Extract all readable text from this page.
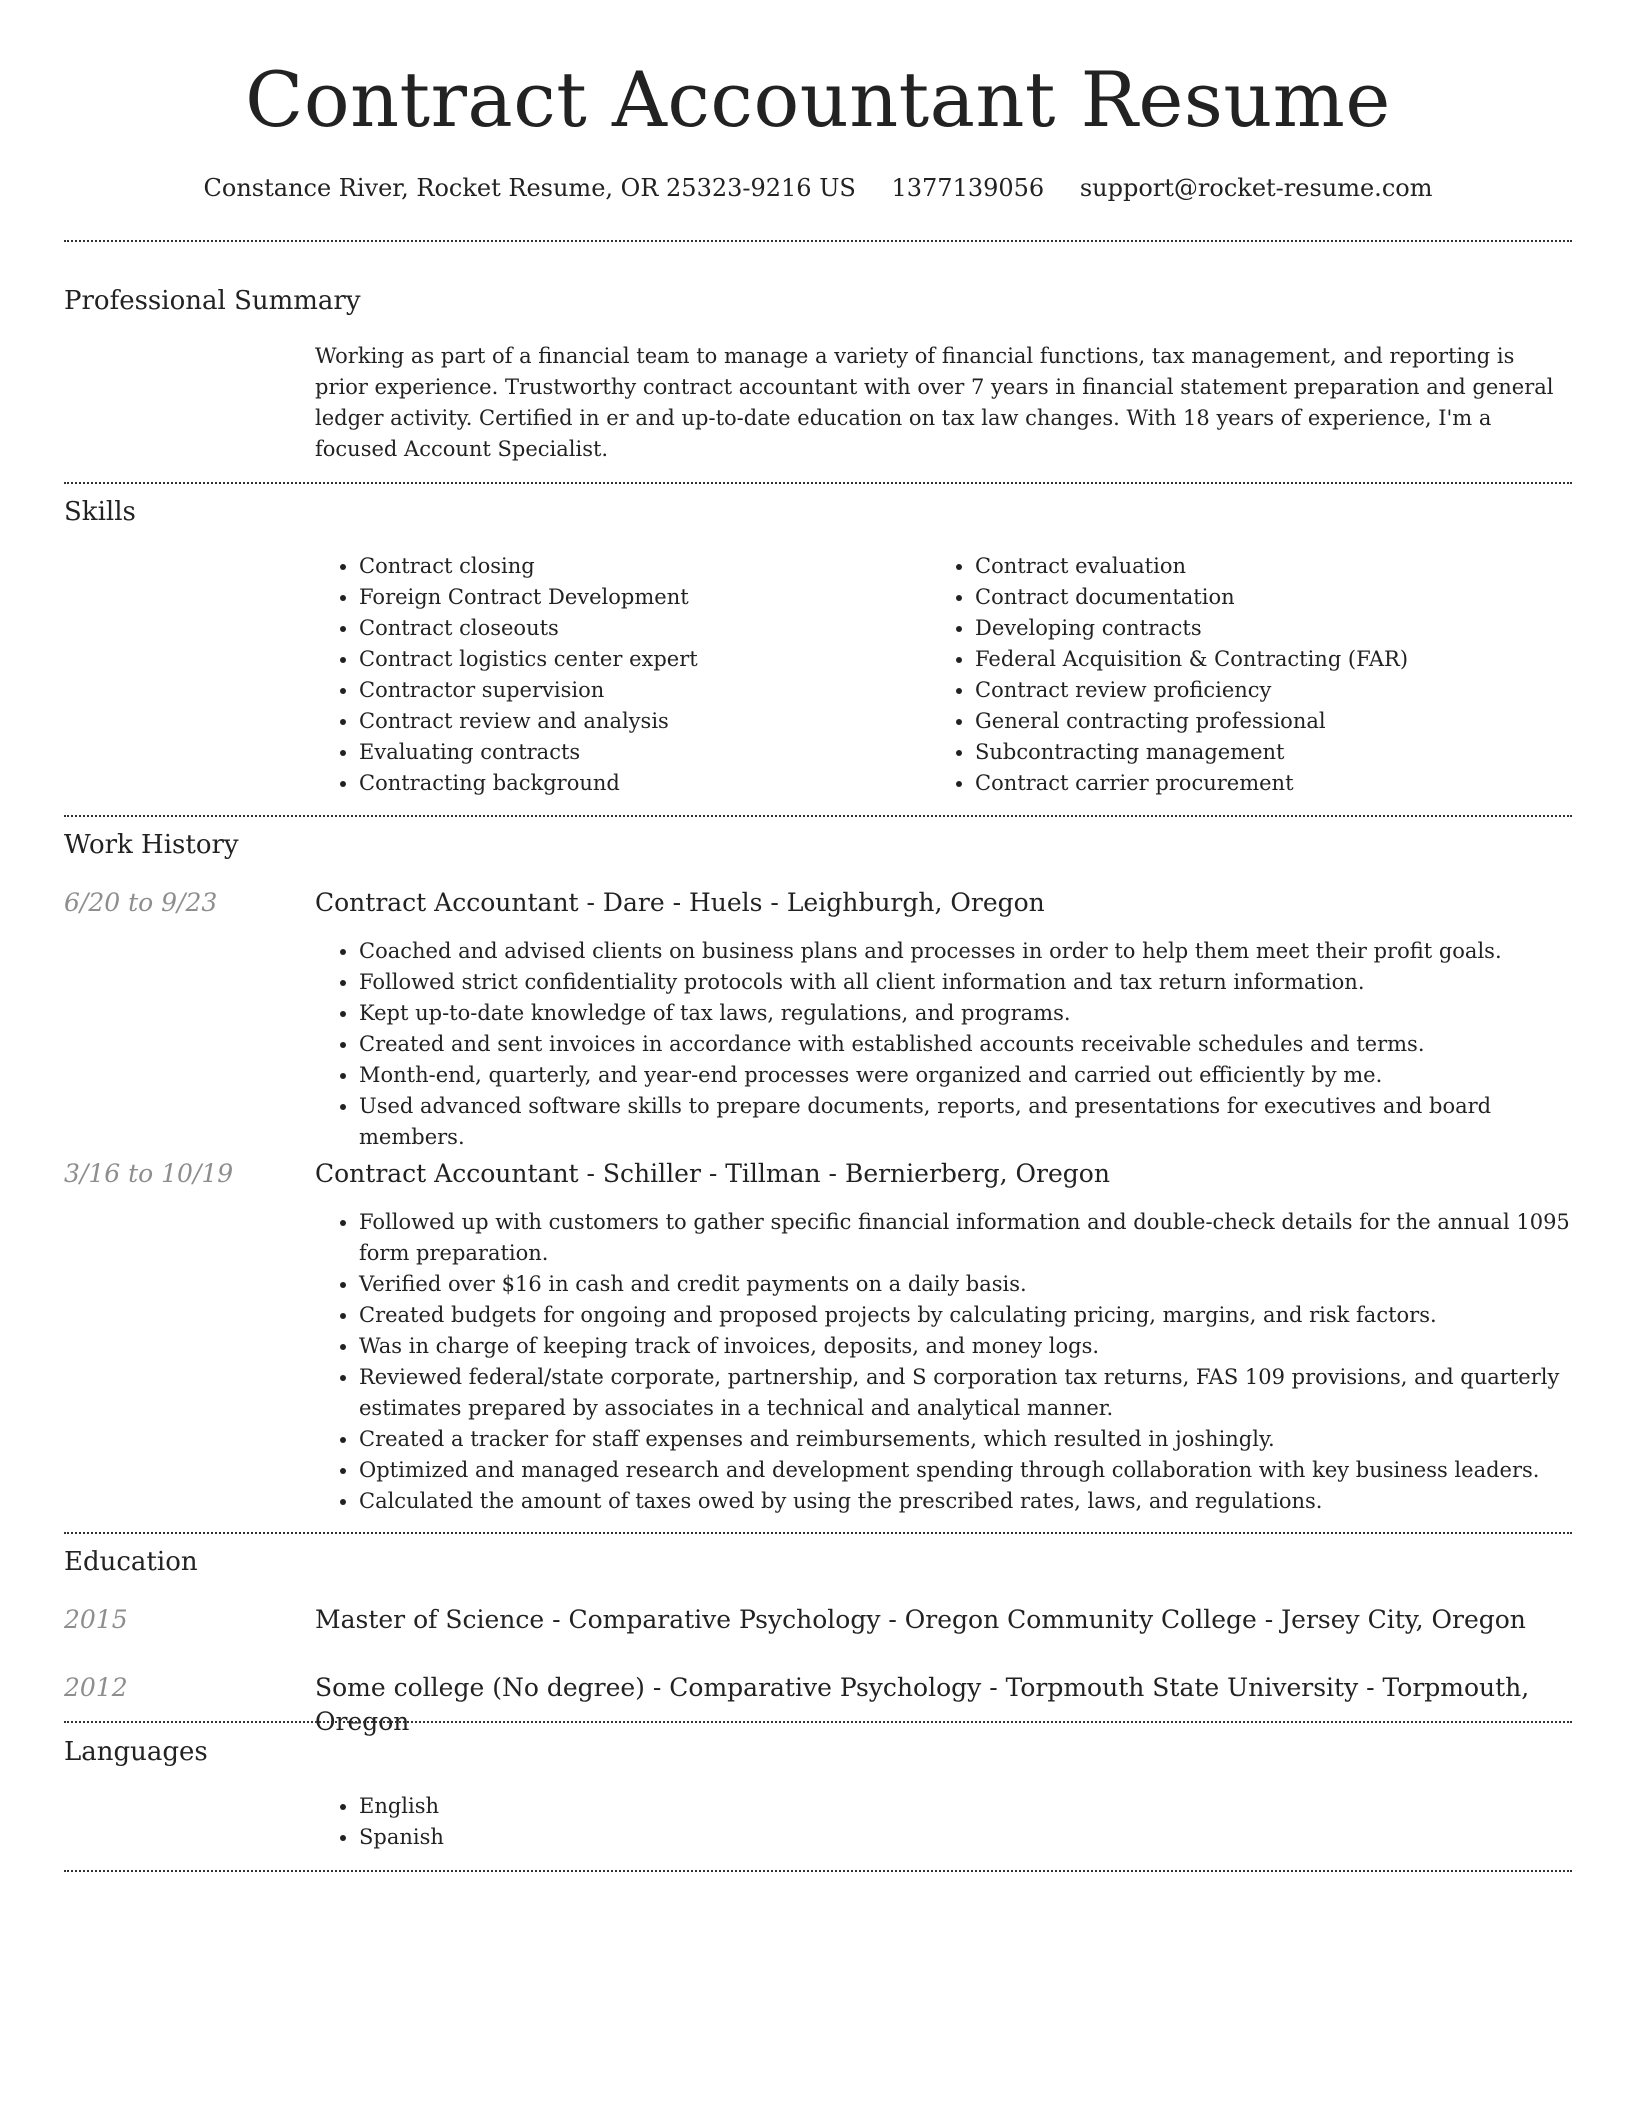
Contract Accountant Resume
Constance River, Rocket Resume, OR 25323-9216 US 1377139056 support@rocket-resume.com
Professional Summary

Working as part of a financial team to manage a variety of financial functions, tax management, and reporting is prior experience. Trustworthy contract accountant with over 7 years in financial statement preparation and general ledger activity. Certified in er and up-to-date education on tax law changes. With 18 years of experience, I'm a focused Account Specialist.

Skills
• Contract closing
• Foreign Contract Development
• Contract closeouts
• Contract logistics center expert
• Contractor supervision
• Contract review and analysis
• Evaluating contracts
• Contracting background
• Contract evaluation
• Contract documentation
• Developing contracts
• Federal Acquisition & Contracting (FAR)
• Contract review proficiency
• General contracting professional
• Subcontracting management
• Contract carrier procurement
Work History
6/20 to 9/23	Contract Accountant - Dare - Huels - Leighburgh, Oregon
• Coached and advised clients on business plans and processes in order to help them meet their profit goals.
• Followed strict confidentiality protocols with all client information and tax return information.
• Kept up-to-date knowledge of tax laws, regulations, and programs.
• Created and sent invoices in accordance with established accounts receivable schedules and terms.
• Month-end, quarterly, and year-end processes were organized and carried out efficiently by me.
• Used advanced software skills to prepare documents, reports, and presentations for executives and board members.
3/16 to 10/19	Contract Accountant - Schiller - Tillman - Bernierberg, Oregon
• Followed up with customers to gather specific financial information and double-check details for the annual 1095 form preparation.
• Verified over $16 in cash and credit payments on a daily basis.
• Created budgets for ongoing and proposed projects by calculating pricing, margins, and risk factors.
• Was in charge of keeping track of invoices, deposits, and money logs.
• Reviewed federal/state corporate, partnership, and S corporation tax returns, FAS 109 provisions, and quarterly estimates prepared by associates in a technical and analytical manner.
• Created a tracker for staff expenses and reimbursements, which resulted in joshingly.
• Optimized and managed research and development spending through collaboration with key business leaders.
• Calculated the amount of taxes owed by using the prescribed rates, laws, and regulations.
Education
2015	Master of Science - Comparative Psychology - Oregon Community College - Jersey City, Oregon
2012	Some college (No degree) - Comparative Psychology - Torpmouth State University - Torpmouth, Oregon
Languages
• English
• Spanish
